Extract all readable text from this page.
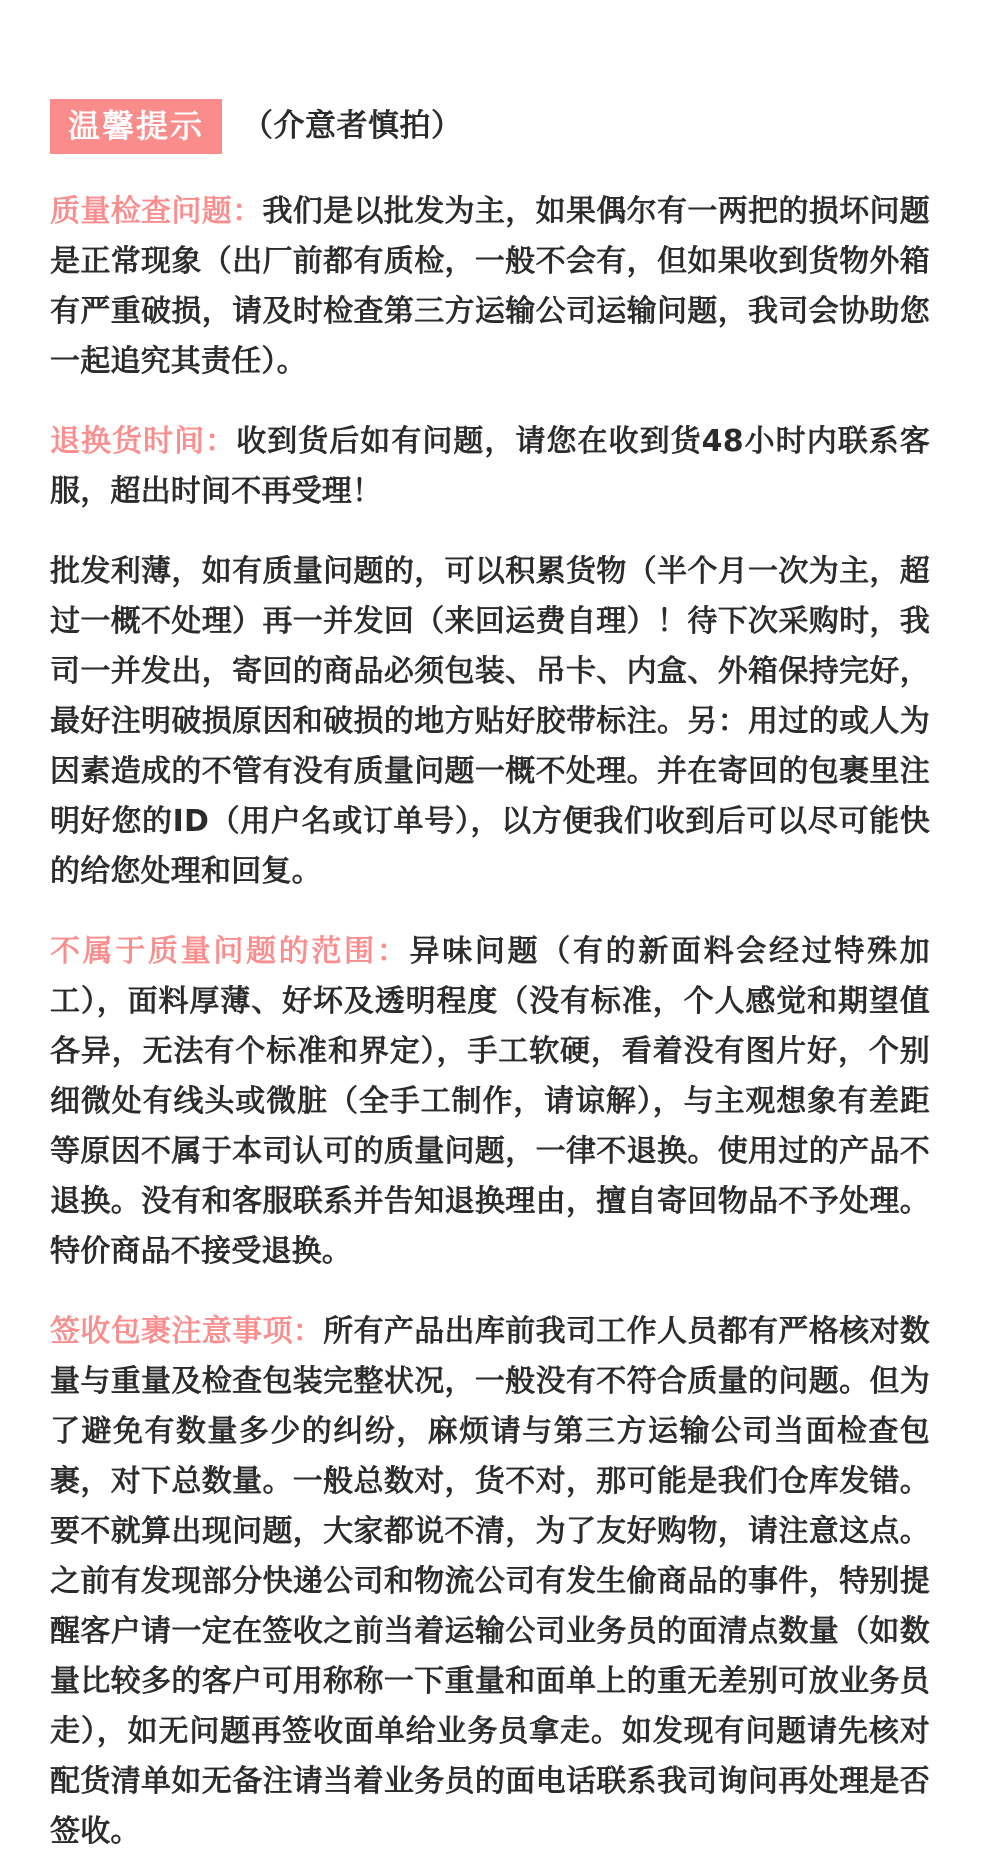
温馨提示	（介意者慎拍）

质量检查问题：我们是以批发为主，如果偶尔有一两把的损坏问题是正常现象（出厂前都有质检，一般不会有，但如果收到货物外箱有严重破损，请及时检查第三方运输公司运输问题，我司会协助您一起追究其责任）。

退换货时间：收到货后如有问题，请您在收到货48小时内联系客服，超出时间不再受理！

批发利薄，如有质量问题的，可以积累货物（半个月一次为主，超过一概不处理）再一并发回（来回运费自理）！待下次采购时，我司一并发出，寄回的商品必须包装、吊卡、内盒、外箱保持完好，最好注明破损原因和破损的地方贴好胶带标注。另：用过的或人为因素造成的不管有没有质量问题一概不处理。并在寄回的包裹里注明好您的ID（用户名或订单号），以方便我们收到后可以尽可能快的给您处理和回复。

不属于质量问题的范围：异味问题（有的新面料会经过特殊加工），面料厚薄、好坏及透明程度（没有标准，个人感觉和期望值各异，无法有个标准和界定），手工软硬，看着没有图片好，个别细微处有线头或微脏（全手工制作，请谅解），与主观想象有差距等原因不属于本司认可的质量问题，一律不退换。使用过的产品不退换。没有和客服联系并告知退换理由，擅自寄回物品不予处理。特价商品不接受退换。

签收包裹注意事项：所有产品出库前我司工作人员都有严格核对数量与重量及检查包装完整状况，一般没有不符合质量的问题。但为了避免有数量多少的纠纷，麻烦请与第三方运输公司当面检查包裹，对下总数量。一般总数对，货不对，那可能是我们仓库发错。要不就算出现问题，大家都说不清，为了友好购物，请注意这点。之前有发现部分快递公司和物流公司有发生偷商品的事件，特别提醒客户请一定在签收之前当着运输公司业务员的面清点数量（如数量比较多的客户可用称称一下重量和面单上的重无差别可放业务员走），如无问题再签收面单给业务员拿走。如发现有问题请先核对配货清单如无备注请当着业务员的面电话联系我司询问再处理是否签收。
